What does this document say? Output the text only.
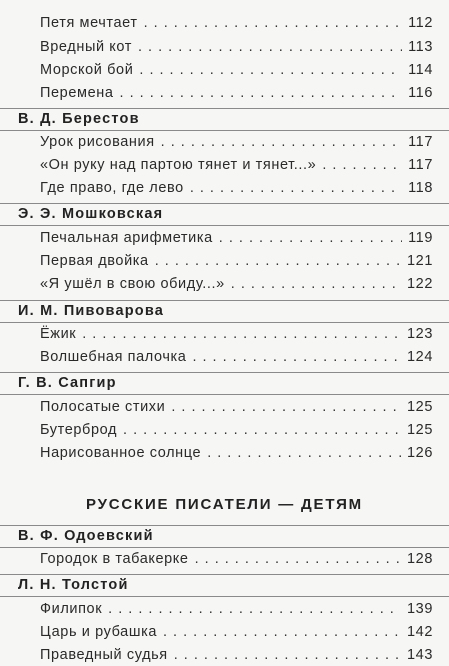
Петя мечтает . . .	112
Вредный кот . . .	113
Морской бой . . .	114
Перемена . . .	116
В. Д. Берестов
Урок рисования . . .	117
«Он руку над партою тянет и тянет...» . . .	117
Где право, где лево . . .	118
Э. Э. Мошковская
Печальная арифметика . . .	119
Первая двойка . . .	121
«Я ушёл в свою обиду...» . . .	122
И. М. Пивоварова
Ёжик . . .	123
Волшебная палочка . . .	124
Г. В. Сапгир
Полосатые стихи . . .	125
Бутерброд . . .	125
Нарисованное солнце . . .	126
РУССКИЕ ПИСАТЕЛИ — ДЕТЯМ
В. Ф. Одоевский
Городок в табакерке . . .	128
Л. Н. Толстой
Филипок . . .	139
Царь и рубашка . . .	142
Праведный судья . . .	143
